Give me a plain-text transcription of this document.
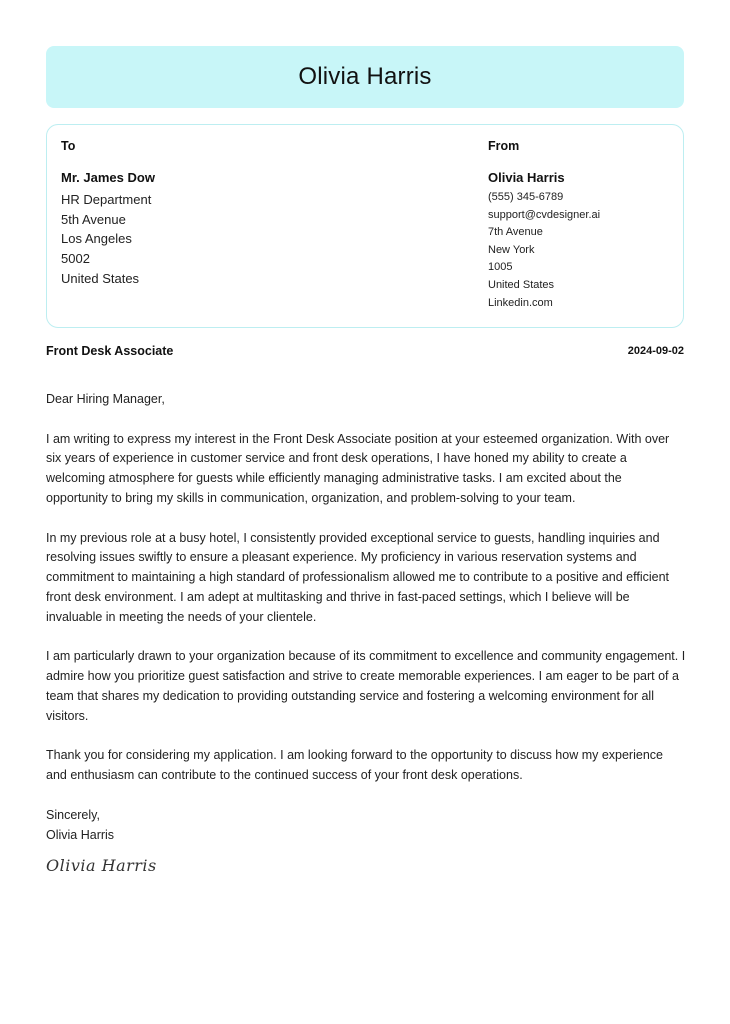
Olivia Harris
To
Mr. James Dow
HR Department
5th Avenue
Los Angeles
5002
United States
From
Olivia Harris
(555) 345-6789
support@cvdesigner.ai
7th Avenue
New York
1005
United States
Linkedin.com
Front Desk Associate	2024-09-02

Dear Hiring Manager,

I am writing to express my interest in the Front Desk Associate position at your esteemed organization. With over six years of experience in customer service and front desk operations, I have honed my ability to create a welcoming atmosphere for guests while efficiently managing administrative tasks. I am excited about the opportunity to bring my skills in communication, organization, and problem-solving to your team.

In my previous role at a busy hotel, I consistently provided exceptional service to guests, handling inquiries and resolving issues swiftly to ensure a pleasant experience. My proficiency in various reservation systems and commitment to maintaining a high standard of professionalism allowed me to contribute to a positive and efficient front desk environment. I am adept at multitasking and thrive in fast-paced settings, which I believe will be invaluable in meeting the needs of your clientele.

I am particularly drawn to your organization because of its commitment to excellence and community engagement. I admire how you prioritize guest satisfaction and strive to create memorable experiences. I am eager to be part of a team that shares my dedication to providing outstanding service and fostering a welcoming environment for all visitors.

Thank you for considering my application. I am looking forward to the opportunity to discuss how my experience and enthusiasm can contribute to the continued success of your front desk operations.

Sincerely,

Olivia Harris

Olivia Harris
